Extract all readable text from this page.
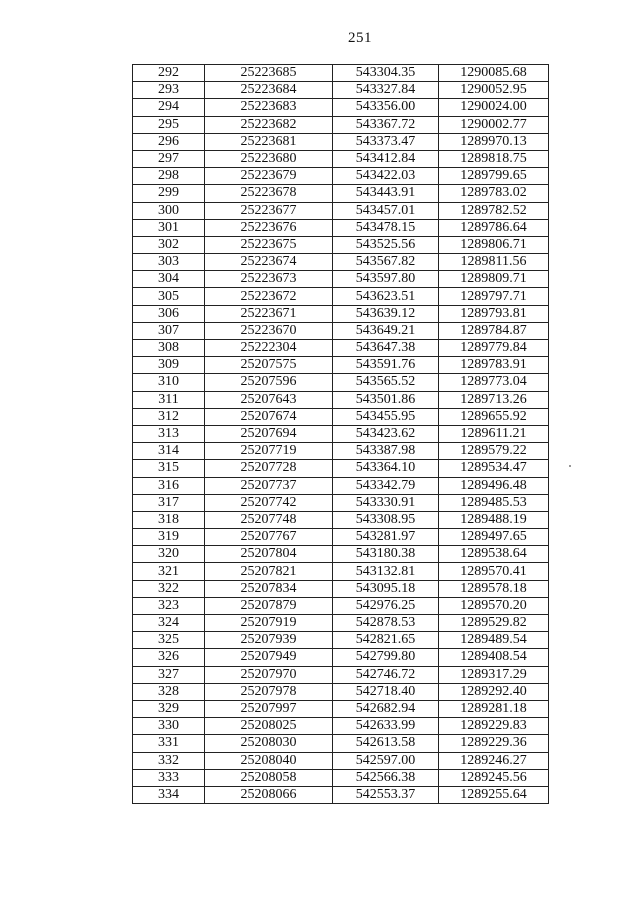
251
292	25223685	543304.35	1290085.68
293	25223684	543327.84	1290052.95
294	25223683	543356.00	1290024.00
295	25223682	543367.72	1290002.77
296	25223681	543373.47	1289970.13
297	25223680	543412.84	1289818.75
298	25223679	543422.03	1289799.65
299	25223678	543443.91	1289783.02
300	25223677	543457.01	1289782.52
301	25223676	543478.15	1289786.64
302	25223675	543525.56	1289806.71
303	25223674	543567.82	1289811.56
304	25223673	543597.80	1289809.71
305	25223672	543623.51	1289797.71
306	25223671	543639.12	1289793.81
307	25223670	543649.21	1289784.87
308	25222304	543647.38	1289779.84
309	25207575	543591.76	1289783.91
310	25207596	543565.52	1289773.04
311	25207643	543501.86	1289713.26
312	25207674	543455.95	1289655.92
313	25207694	543423.62	1289611.21
314	25207719	543387.98	1289579.22
315	25207728	543364.10	1289534.47
316	25207737	543342.79	1289496.48
317	25207742	543330.91	1289485.53
318	25207748	543308.95	1289488.19
319	25207767	543281.97	1289497.65
320	25207804	543180.38	1289538.64
321	25207821	543132.81	1289570.41
322	25207834	543095.18	1289578.18
323	25207879	542976.25	1289570.20
324	25207919	542878.53	1289529.82
325	25207939	542821.65	1289489.54
326	25207949	542799.80	1289408.54
327	25207970	542746.72	1289317.29
328	25207978	542718.40	1289292.40
329	25207997	542682.94	1289281.18
330	25208025	542633.99	1289229.83
331	25208030	542613.58	1289229.36
332	25208040	542597.00	1289246.27
333	25208058	542566.38	1289245.56
334	25208066	542553.37	1289255.64
